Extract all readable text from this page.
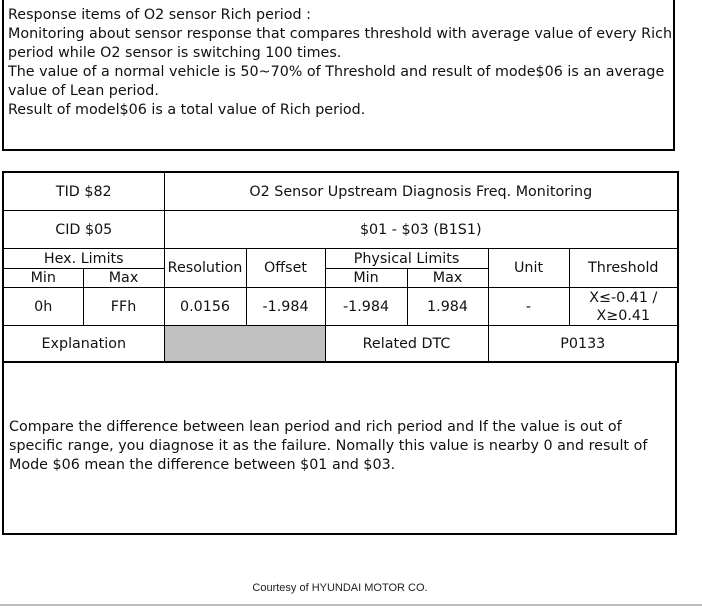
Response items of O2 sensor Rich period :
Monitoring about sensor response that compares threshold with average value of every Rich
period while O2 sensor is switching 100 times.
The value of a normal vehicle is 50~70% of Threshold and result of mode$06 is an average
value of Lean period.
Result of model$06 is a total value of Rich period.
TID $82		O2 Sensor Upstream Diagnosis Freq. Monitoring					
CID $05		$01 - $03 (B1S1)					
Hex. Limits		Resolution	Offset	Physical Limits		Unit	Threshold
Min	Max			Min	Max		
0h	FFh	0.0156	-1.984	-1.984	1.984	-	X≤-0.41 /
X≥0.41

Explanation				Related DTC		P0133	
Compare the difference between lean period and rich period and If the value is out of
specific range, you diagnose it as the failure. Nomally this value is nearby 0 and result of
Mode $06 mean the difference between $01 and $03.
Courtesy of HYUNDAI MOTOR CO.
